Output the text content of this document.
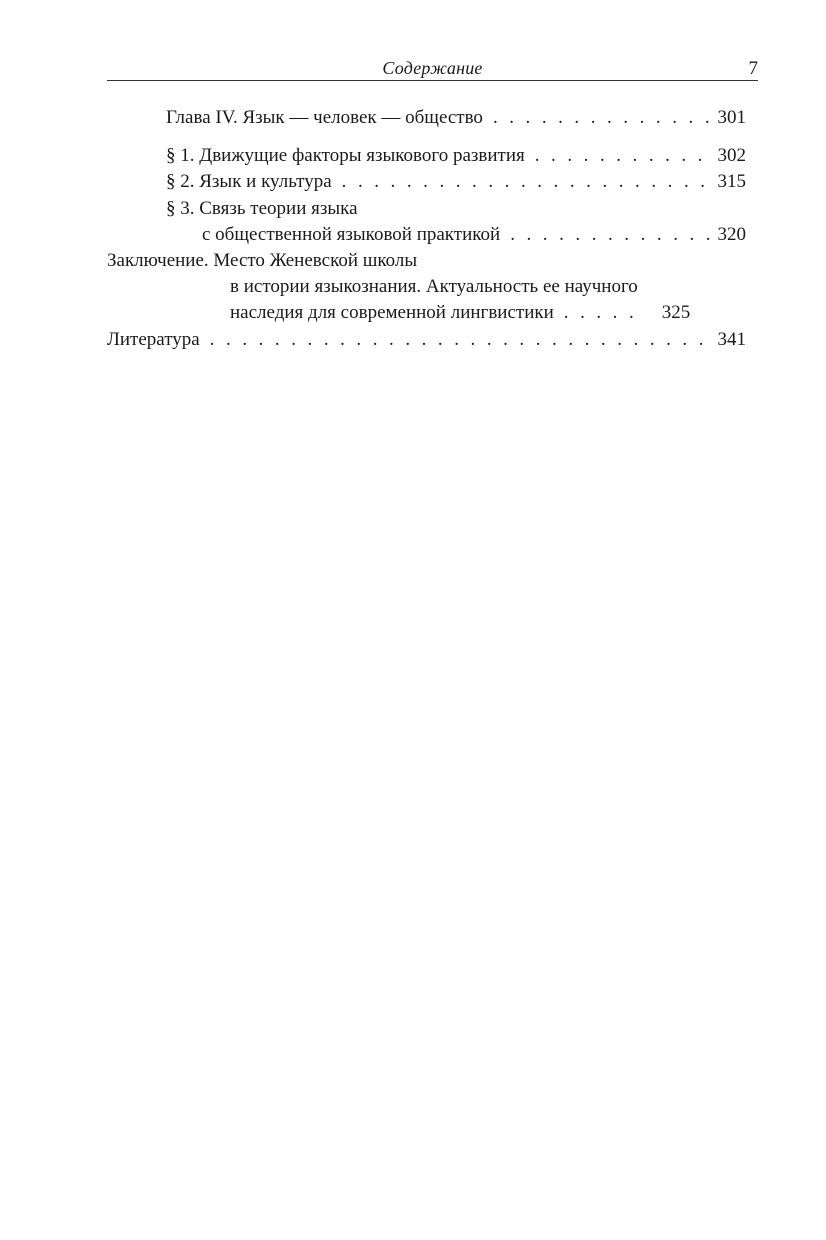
Содержание	7
Глава IV. Язык — человек — общество . . .	301
§ 1. Движущие факторы языкового развития . . .	302
§ 2. Язык и культура . . .	315
§ 3. Связь теории языка
с общественной языковой практикой . . .	320
Заключение. Место Женевской школы
в истории языкознания. Актуальность ее научного
наследия для современной лингвистики . . .	325
Литература . . .	341
